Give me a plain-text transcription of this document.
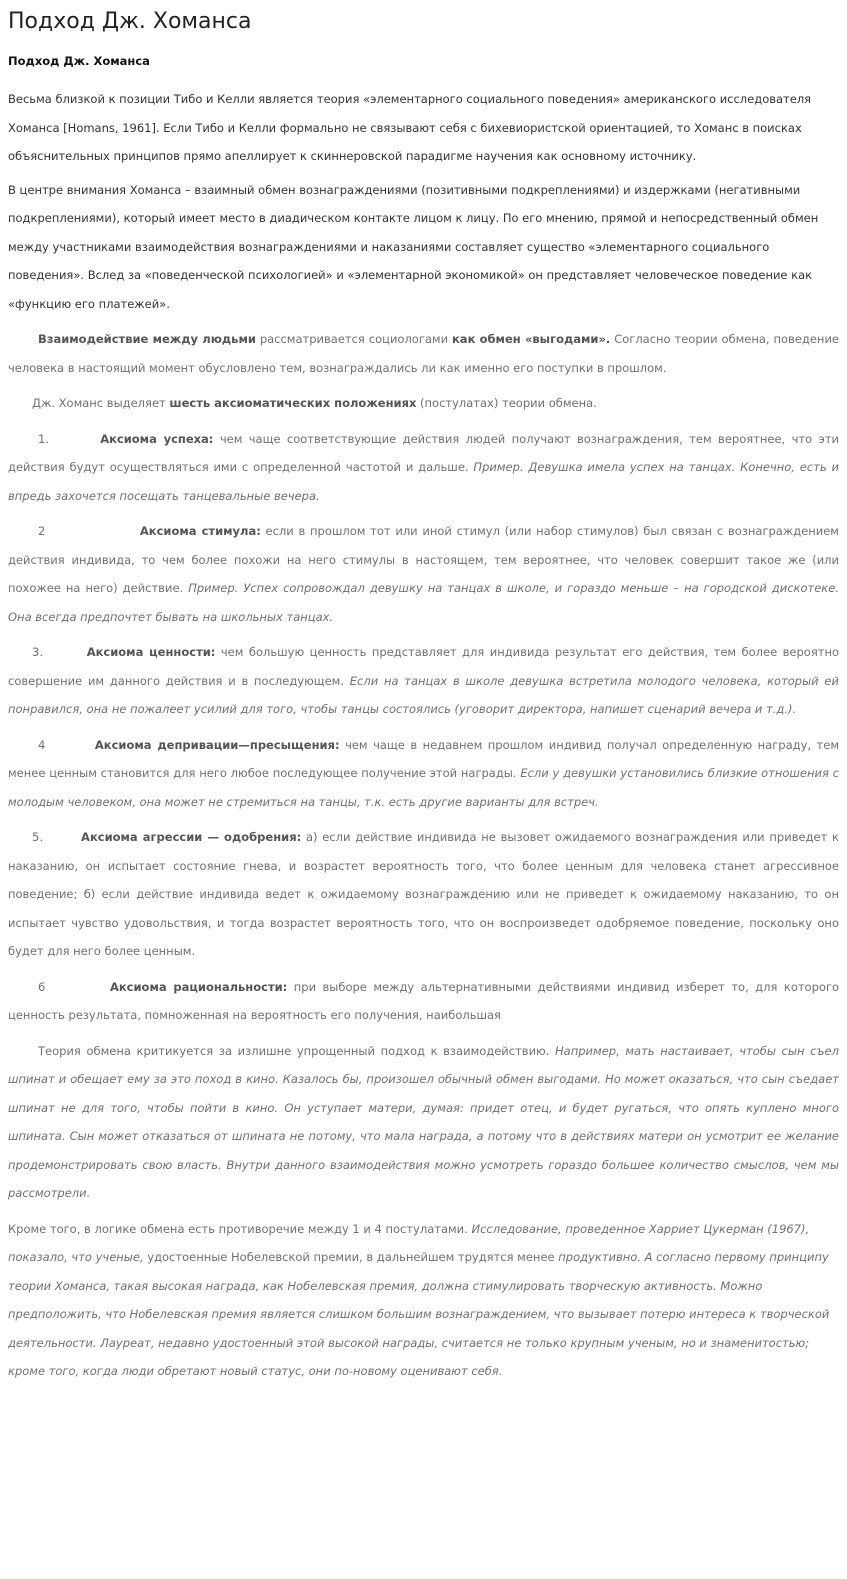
Подход Дж. Хоманса
Подход Дж. Хоманса

Весьма близкой к позиции Тибо и Келли является теория «элементарного социального поведения» американского исследователя Хоманса [Homans, 1961]. Если Тибо и Келли формально не связывают себя с бихевиористской ориентацией, то Хоманс в поисках объяснительных принципов прямо апеллирует к скиннеровской парадигме научения как основному источнику.

В центре внимания Хоманса – взаимный обмен вознаграждениями (позитивными подкреплениями) и издержками (негативными подкреплениями), который имеет место в диадическом контакте лицом к лицу. По его мнению, прямой и непосредственный обмен между участниками взаимодействия вознаграждениями и наказаниями составляет существо «элементарного социального поведения». Вслед за «поведенческой психологией» и «элементарной экономикой» он представляет человеческое поведение как «функцию его платежей».

Взаимодействие между людьми рассматривается социологами как обмен «выгодами». Согласно теории обмена, поведение человека в настоящий момент обусловлено тем, вознаграждались ли как именно его поступки в прошлом.

Дж. Хоманс выделяет шесть аксиоматических положениях (постулатах) теории обмена.

1.	Аксиома успеха: чем чаще соответствующие действия людей получают вознаграждения, тем вероятнее, что эти действия будут осуществляться ими с определенной частотой и дальше. Пример. Девушка имела успех на танцах. Конечно, есть и впредь захочется посещать танцевальные вечера.

2	Аксиома стимула: если в прошлом тот или иной стимул (или набор стимулов) был связан с вознаграждением действия индивида, то чем более похожи на него стимулы в настоящем, тем вероятнее, что человек совершит такое же (или похожее на него) действие. Пример. Успех сопровождал девушку на танцах в школе, и гораздо меньше – на городской дискотеке. Она всегда предпочтет бывать на школьных танцах.

3.	Аксиома ценности: чем большую ценность представляет для индивида результат его действия, тем более вероятно совершение им данного действия и в последующем. Если на танцах в школе девушка встретила молодого человека, который ей понравился, она не пожалеет усилий для того, чтобы танцы состоялись (уговорит директора, напишет сценарий вечера и т.д.).

4	Аксиома депривации—пресыщения: чем чаще в недавнем прошлом индивид получал определенную награду, тем менее ценным становится для него любое последующее получение этой награды. Если у девушки установились близкие отношения с молодым человеком, она может не стремиться на танцы, т.к. есть другие варианты для встреч.

5.	Аксиома агрессии — одобрения: а) если действие индивида не вызовет ожидаемого вознаграждения или приведет к наказанию, он испытает состояние гнева, и возрастет вероятность того, что более ценным для человека станет агрессивное поведение; б) если действие индивида ведет к ожидаемому вознаграждению или не приведет к ожидаемому наказанию, то он испытает чувство удовольствия, и тогда возрастет вероятность того, что он воспроизведет одобряемое поведение, поскольку оно будет для него более ценным.

6	Аксиома рациональности: при выборе между альтернативными действиями индивид изберет то, для которого ценность результата, помноженная на вероятность его получения, наибольшая

Теория обмена критикуется за излишне упрощенный подход к взаимодействию. Например, мать настаивает, чтобы сын съел шпинат и обещает ему за это поход в кино. Казалось бы, произошел обычный обмен выгодами. Но может оказаться, что сын съедает шпинат не для того, чтобы пойти в кино. Он уступает матери, думая: придет отец, и будет ругаться, что опять куплено много шпината. Сын может отказаться от шпината не потому, что мала награда, а потому что в действиях матери он усмотрит ее желание продемонстрировать свою власть. Внутри данного взаимодействия можно усмотреть гораздо большее количество смыслов, чем мы рассмотрели.

Кроме того, в логике обмена есть противоречие между 1 и 4 постулатами. Исследование, проведенное Харриет Цукерман (1967), показало, что ученые, удостоенные Нобелевской премии, в дальнейшем трудятся менее продуктивно. А согласно первому принципу теории Хоманса, такая высокая награда, как Нобелевская премия, должна стимулировать творческую активность. Можно предположить, что Нобелевская премия является слишком большим вознаграждением, что вызывает потерю интереса к творческой деятельности. Лауреат, недавно удостоенный этой высокой награды, считается не только крупным ученым, но и знаменитостью; кроме того, когда люди обретают новый статус, они по-новому оценивают себя.
